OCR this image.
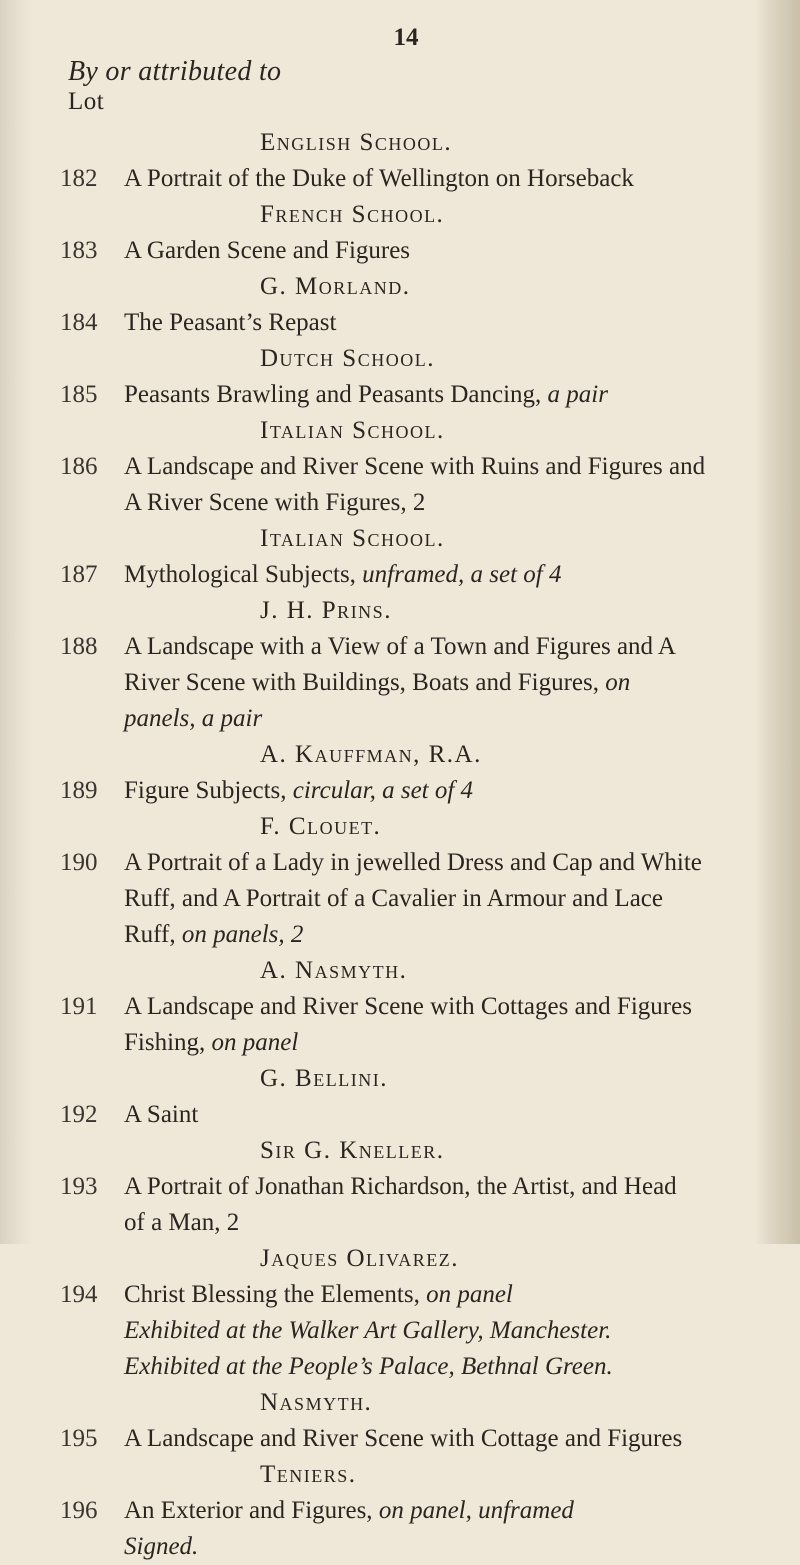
14
By or attributed to
Lot
English School.
182	A Portrait of the Duke of Wellington on Horseback
French School.
183	A Garden Scene and Figures
G. Morland.
184	The Peasant’s Repast
Dutch School.
185	Peasants Brawling and Peasants Dancing, a pair
Italian School.
186	A Landscape and River Scene with Ruins and Figures and
A River Scene with Figures, 2
Italian School.
187	Mythological Subjects, unframed, a set of 4
J. H. Prins.
188	A Landscape with a View of a Town and Figures and A
River Scene with Buildings, Boats and Figures, on
panels, a pair
A. Kauffman, R.A.
189	Figure Subjects, circular, a set of 4
F. Clouet.
190	A Portrait of a Lady in jewelled Dress and Cap and White
Ruff, and A Portrait of a Cavalier in Armour and Lace
Ruff, on panels, 2
A. Nasmyth.
191	A Landscape and River Scene with Cottages and Figures
Fishing, on panel
G. Bellini.
192	A Saint
Sir G. Kneller.
193	A Portrait of Jonathan Richardson, the Artist, and Head
of a Man, 2
Jaques Olivarez.
194	Christ Blessing the Elements, on panel
Exhibited at the Walker Art Gallery, Manchester.
Exhibited at the People’s Palace, Bethnal Green.
Nasmyth.
195	A Landscape and River Scene with Cottage and Figures
Teniers.
196	An Exterior and Figures, on panel, unframed
Signed.
